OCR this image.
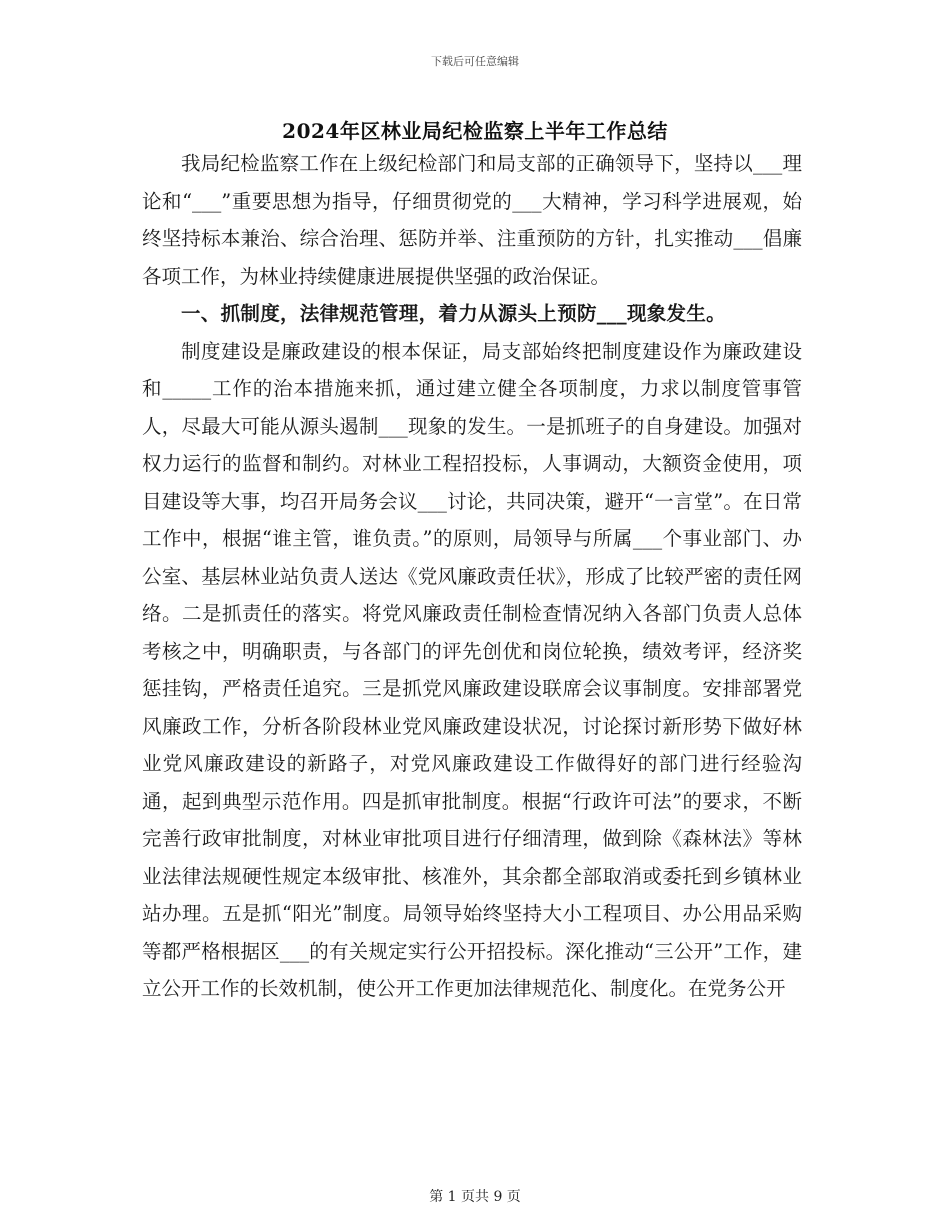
下载后可任意编辑
2024年区林业局纪检监察上半年工作总结

我局纪检监察工作在上级纪检部门和局支部的正确领导下，坚持以___理论和“___”重要思想为指导，仔细贯彻党的___大精神，学习科学进展观，始终坚持标本兼治、综合治理、惩防并举、注重预防的方针，扎实推动___倡廉各项工作，为林业持续健康进展提供坚强的政治保证。

一、抓制度，法律规范管理，着力从源头上预防___现象发生。

制度建设是廉政建设的根本保证，局支部始终把制度建设作为廉政建设和_____工作的治本措施来抓，通过建立健全各项制度，力求以制度管事管人，尽最大可能从源头遏制___现象的发生。一是抓班子的自身建设。加强对权力运行的监督和制约。对林业工程招投标，人事调动，大额资金使用，项目建设等大事，均召开局务会议___讨论，共同决策，避开“一言堂”。在日常工作中，根据“谁主管，谁负责。”的原则，局领导与所属___个事业部门、办公室、基层林业站负责人送达《党风廉政责任状》，形成了比较严密的责任网络。二是抓责任的落实。将党风廉政责任制检查情况纳入各部门负责人总体考核之中，明确职责，与各部门的评先创优和岗位轮换，绩效考评，经济奖惩挂钩，严格责任追究。三是抓党风廉政建设联席会议事制度。安排部署党风廉政工作，分析各阶段林业党风廉政建设状况，讨论探讨新形势下做好林业党风廉政建设的新路子，对党风廉政建设工作做得好的部门进行经验沟通，起到典型示范作用。四是抓审批制度。根据“行政许可法”的要求，不断完善行政审批制度，对林业审批项目进行仔细清理，做到除《森林法》等林业法律法规硬性规定本级审批、核准外，其余都全部取消或委托到乡镇林业站办理。五是抓“阳光”制度。局领导始终坚持大小工程项目、办公用品采购等都严格根据区___的有关规定实行公开招投标。深化推动“三公开”工作，建立公开工作的长效机制，使公开工作更加法律规范化、制度化。在党务公开

第 1 页共 9 页
